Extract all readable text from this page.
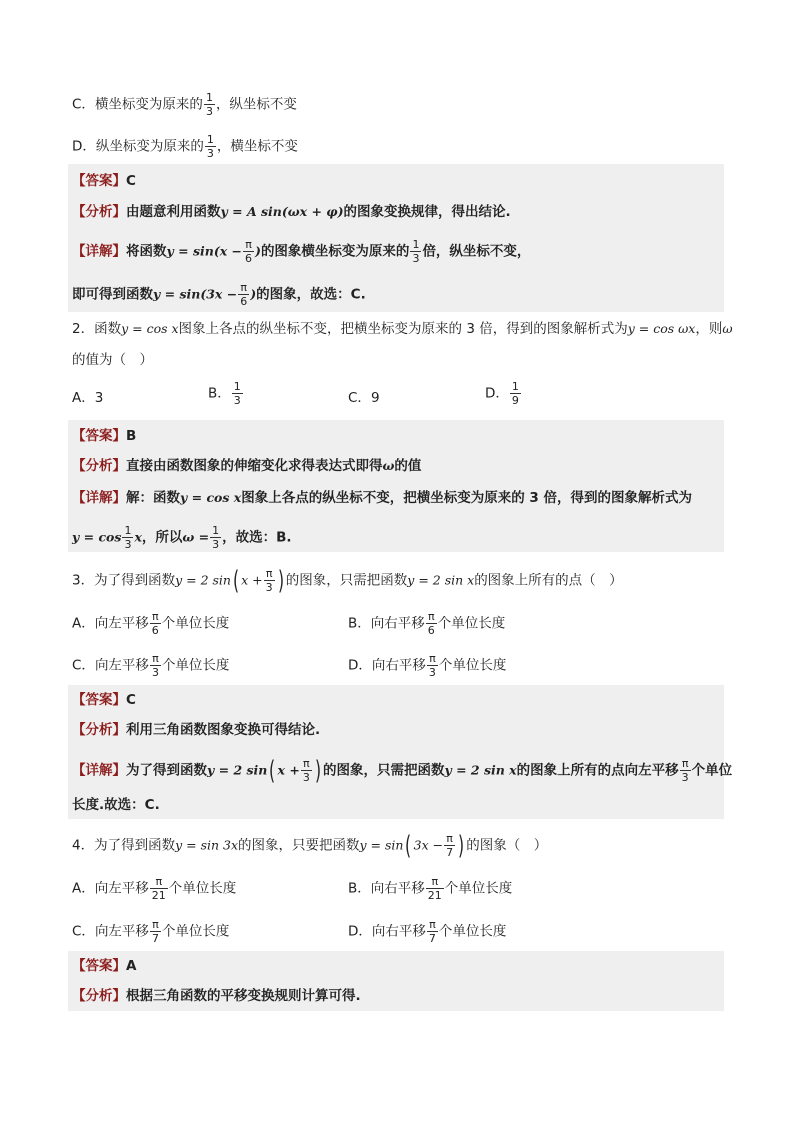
C．横坐标变为原来的 $\frac{1}{3}$ ，纵坐标不变
D．纵坐标变为原来的 $\frac{1}{3}$ ，横坐标不变
【答案】C
【分析】由题意利用函数y = A sin(ωx + φ)的图象变换规律，得出结论.
【详解】将函数$y = \sin(x - \frac{\pi}{6}$ )的图象横坐标变为原来的 $\frac{1}{3}$ 倍，纵坐标不变，
即可得到函数$y = \sin(3x - \frac{\pi}{6}$ )的图象，故选：C.
2．函数y = cos x图象上各点的纵坐标不变，把横坐标变为原来的 3 倍，得到的图象解析式为y = cos ωx，则ω
的值为（　）
A．3	B． $\frac{1}{3}$	C．9	D． $\frac{1}{9}$
【答案】B
【分析】直接由函数图象的伸缩变化求得表达式即得ω的值
【详解】解：函数y = cos x图象上各点的纵坐标不变，把横坐标变为原来的 3 倍，得到的图象解析式为
$y = \cos \frac{1}{3}$ x，所以$\omega = \frac{1}{3}$ ，故选：B.
3．为了得到函数y = 2 sin( $x + \frac{\pi}{3}$ ) 的图象，只需把函数y = 2 sin x的图象上所有的点（　）
A．向左平移 $\frac{\pi}{6}$ 个单位长度	B．向右平移 $\frac{\pi}{6}$ 个单位长度
C．向左平移 $\frac{\pi}{3}$ 个单位长度	D．向右平移 $\frac{\pi}{3}$ 个单位长度
【答案】C
【分析】利用三角函数图象变换可得结论.
【详解】为了得到函数y = 2 sin( $x + \frac{\pi}{3}$ ) 的图象，只需把函数y = 2 sin x的图象上所有的点向左平移 $\frac{\pi}{3}$ 个单位
长度.故选：C.
4．为了得到函数y = sin 3x的图象，只要把函数y = sin( $3x - \frac{\pi}{7}$ ) 的图象（　）
A．向左平移 $\frac{\pi}{21}$ 个单位长度	B．向右平移 $\frac{\pi}{21}$ 个单位长度
C．向左平移 $\frac{\pi}{7}$ 个单位长度	D．向右平移 $\frac{\pi}{7}$ 个单位长度
【答案】A
【分析】根据三角函数的平移变换规则计算可得.
